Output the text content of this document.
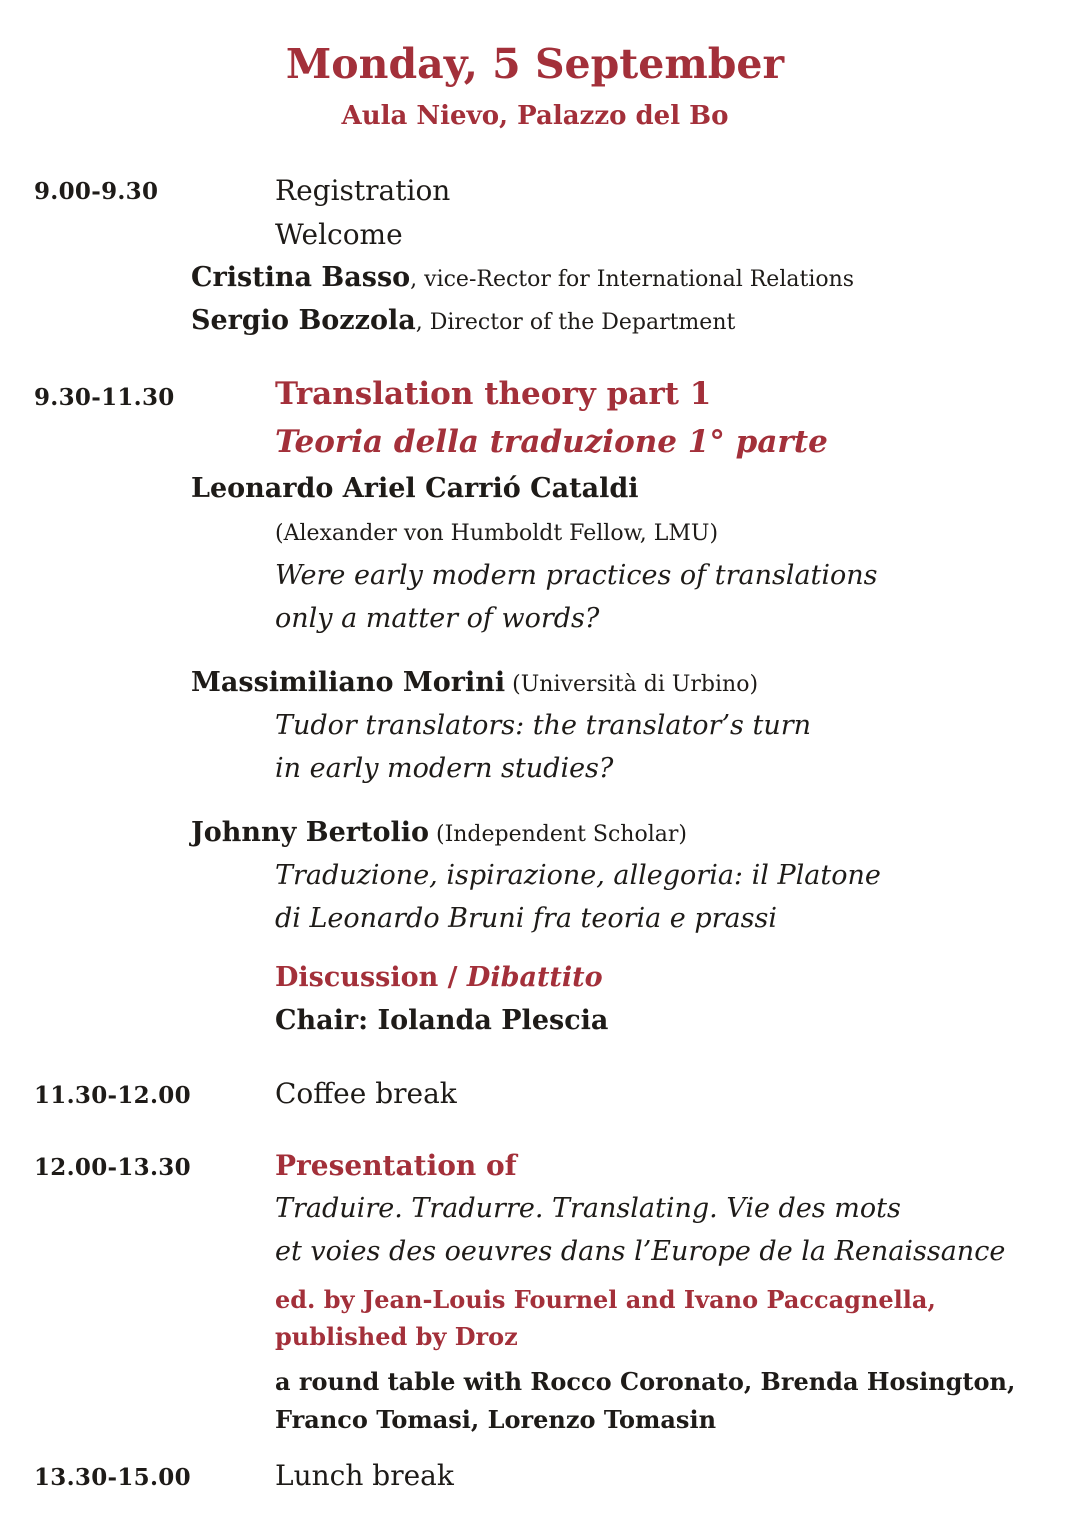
Monday, 5 September
Aula Nievo, Palazzo del Bo
9.00-9.30	Registration
Welcome
Cristina Basso, vice-Rector for International Relations
Sergio Bozzola, Director of the Department
9.30-11.30	Translation theory part 1
Teoria della traduzione 1° parte
Leonardo Ariel Carrió Cataldi
(Alexander von Humboldt Fellow, LMU)
Were early modern practices of translations
only a matter of words?
Massimiliano Morini (Università di Urbino)
Tudor translators: the translator’s turn
in early modern studies?
Johnny Bertolio (Independent Scholar)
Traduzione, ispirazione, allegoria: il Platone
di Leonardo Bruni fra teoria e prassi
Discussion / Dibattito
Chair: Iolanda Plescia
11.30-12.00	Coffee break
12.00-13.30	Presentation of
Traduire. Tradurre. Translating. Vie des mots
et voies des oeuvres dans l’Europe de la Renaissance
ed. by Jean-Louis Fournel and Ivano Paccagnella,
published by Droz
a round table with Rocco Coronato, Brenda Hosington,
Franco Tomasi, Lorenzo Tomasin
13.30-15.00	Lunch break
